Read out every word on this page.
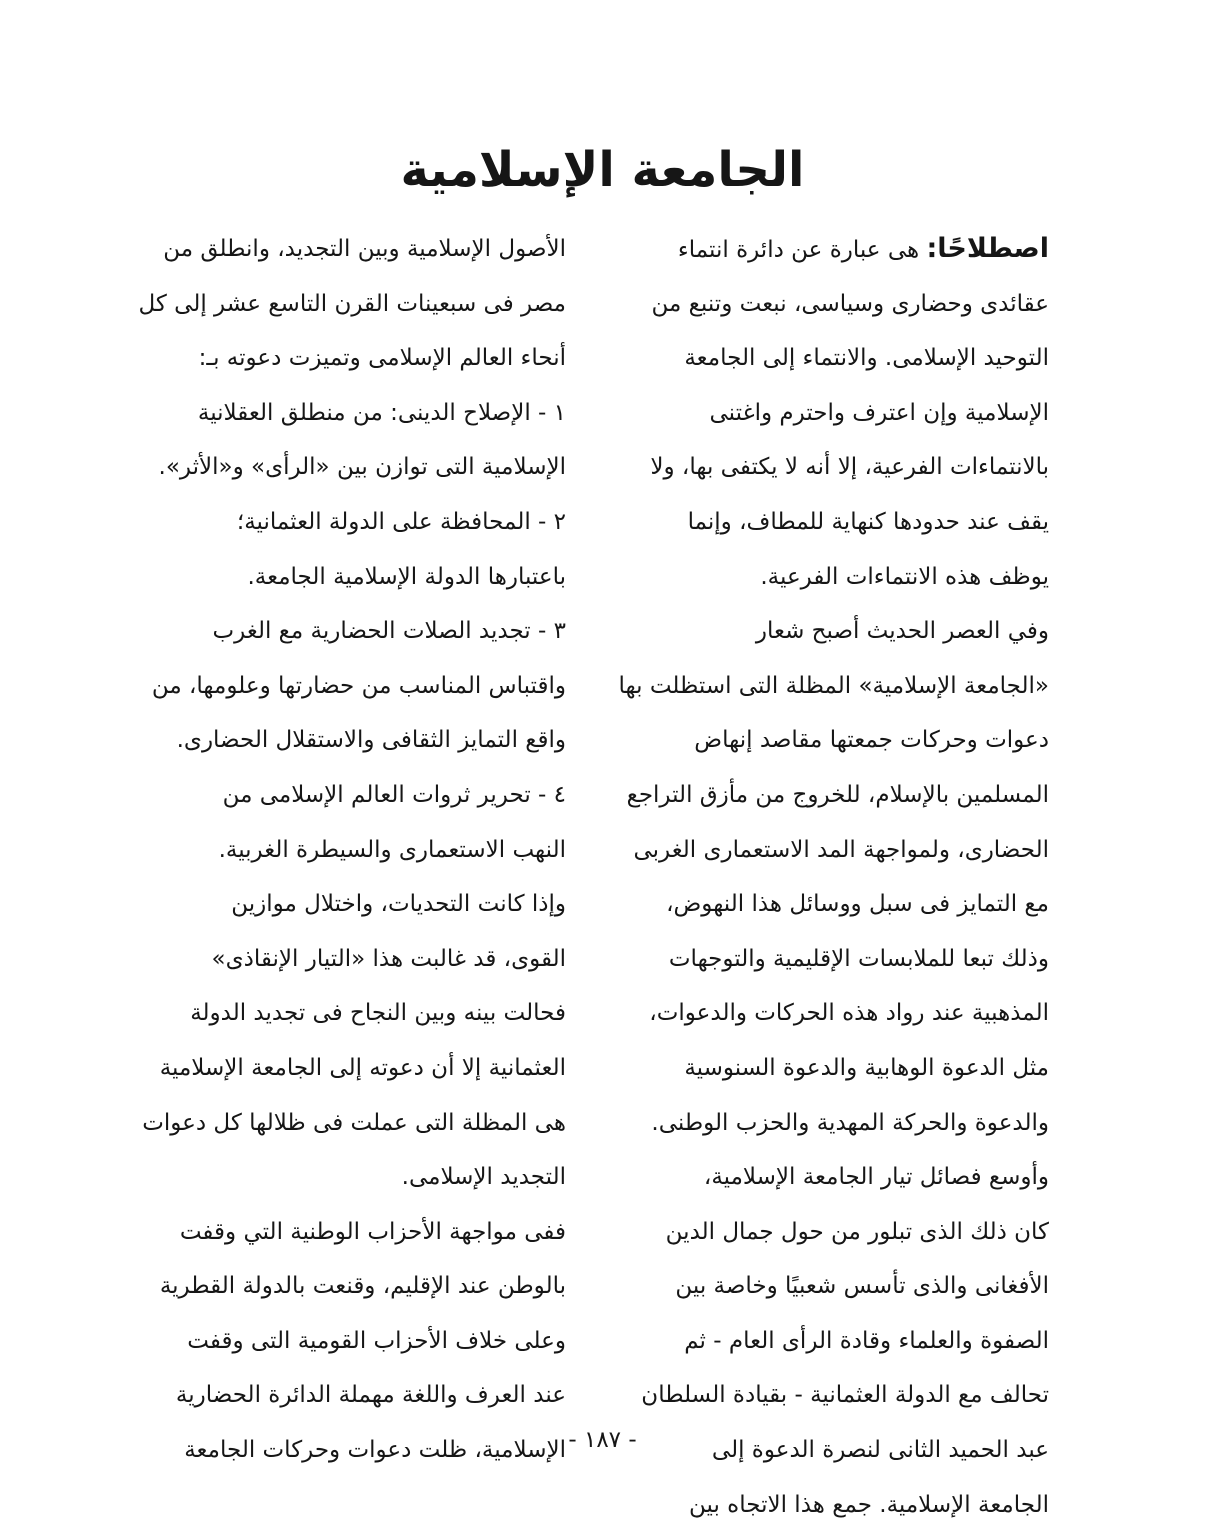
الجامعة الإسلامية
اصطلاحًا: هى عبارة عن دائرة انتماء
عقائدى وحضارى وسياسى، نبعت وتنبع من
التوحيد الإسلامى. والانتماء إلى الجامعة
الإسلامية وإن اعترف واحترم واغتنى
بالانتماءات الفرعية، إلا أنه لا يكتفى بها، ولا
يقف عند حدودها كنهاية للمطاف، وإنما
يوظف هذه الانتماءات الفرعية.
وفي العصر الحديث أصبح شعار
«الجامعة الإسلامية» المظلة التى استظلت بها
دعوات وحركات جمعتها مقاصد إنهاض
المسلمين بالإسلام، للخروج من مأزق التراجع
الحضارى، ولمواجهة المد الاستعمارى الغربى
مع التمايز فى سبل ووسائل هذا النهوض،
وذلك تبعا للملابسات الإقليمية والتوجهات
المذهبية عند رواد هذه الحركات والدعوات،
مثل الدعوة الوهابية والدعوة السنوسية
والدعوة والحركة المهدية والحزب الوطنى.
وأوسع فصائل تيار الجامعة الإسلامية،
كان ذلك الذى تبلور من حول جمال الدين
الأفغانى والذى تأسس شعبيًا وخاصة بين
الصفوة والعلماء وقادة الرأى العام - ثم
تحالف مع الدولة العثمانية - بقيادة السلطان
عبد الحميد الثانى لنصرة الدعوة إلى
الجامعة الإسلامية. جمع هذا الاتجاه بين
الأصول الإسلامية وبين التجديد، وانطلق من
مصر فى سبعينات القرن التاسع عشر إلى كل
أنحاء العالم الإسلامى وتميزت دعوته بـ:
١ - الإصلاح الدينى: من منطلق العقلانية
الإسلامية التى توازن بين «الرأى» و«الأثر».
٢ - المحافظة على الدولة العثمانية؛
باعتبارها الدولة الإسلامية الجامعة.
٣ - تجديد الصلات الحضارية مع الغرب
واقتباس المناسب من حضارتها وعلومها، من
واقع التمايز الثقافى والاستقلال الحضارى.
٤ - تحرير ثروات العالم الإسلامى من
النهب الاستعمارى والسيطرة الغربية.
وإذا كانت التحديات، واختلال موازين
القوى، قد غالبت هذا «التيار الإنقاذى»
فحالت بينه وبين النجاح فى تجديد الدولة
العثمانية إلا أن دعوته إلى الجامعة الإسلامية
هى المظلة التى عملت فى ظلالها كل دعوات
التجديد الإسلامى.
ففى مواجهة الأحزاب الوطنية التي وقفت
بالوطن عند الإقليم، وقنعت بالدولة القطرية
وعلى خلاف الأحزاب القومية التى وقفت
عند العرف واللغة مهملة الدائرة الحضارية
الإسلامية، ظلت دعوات وحركات الجامعة - ١٨٧ -
